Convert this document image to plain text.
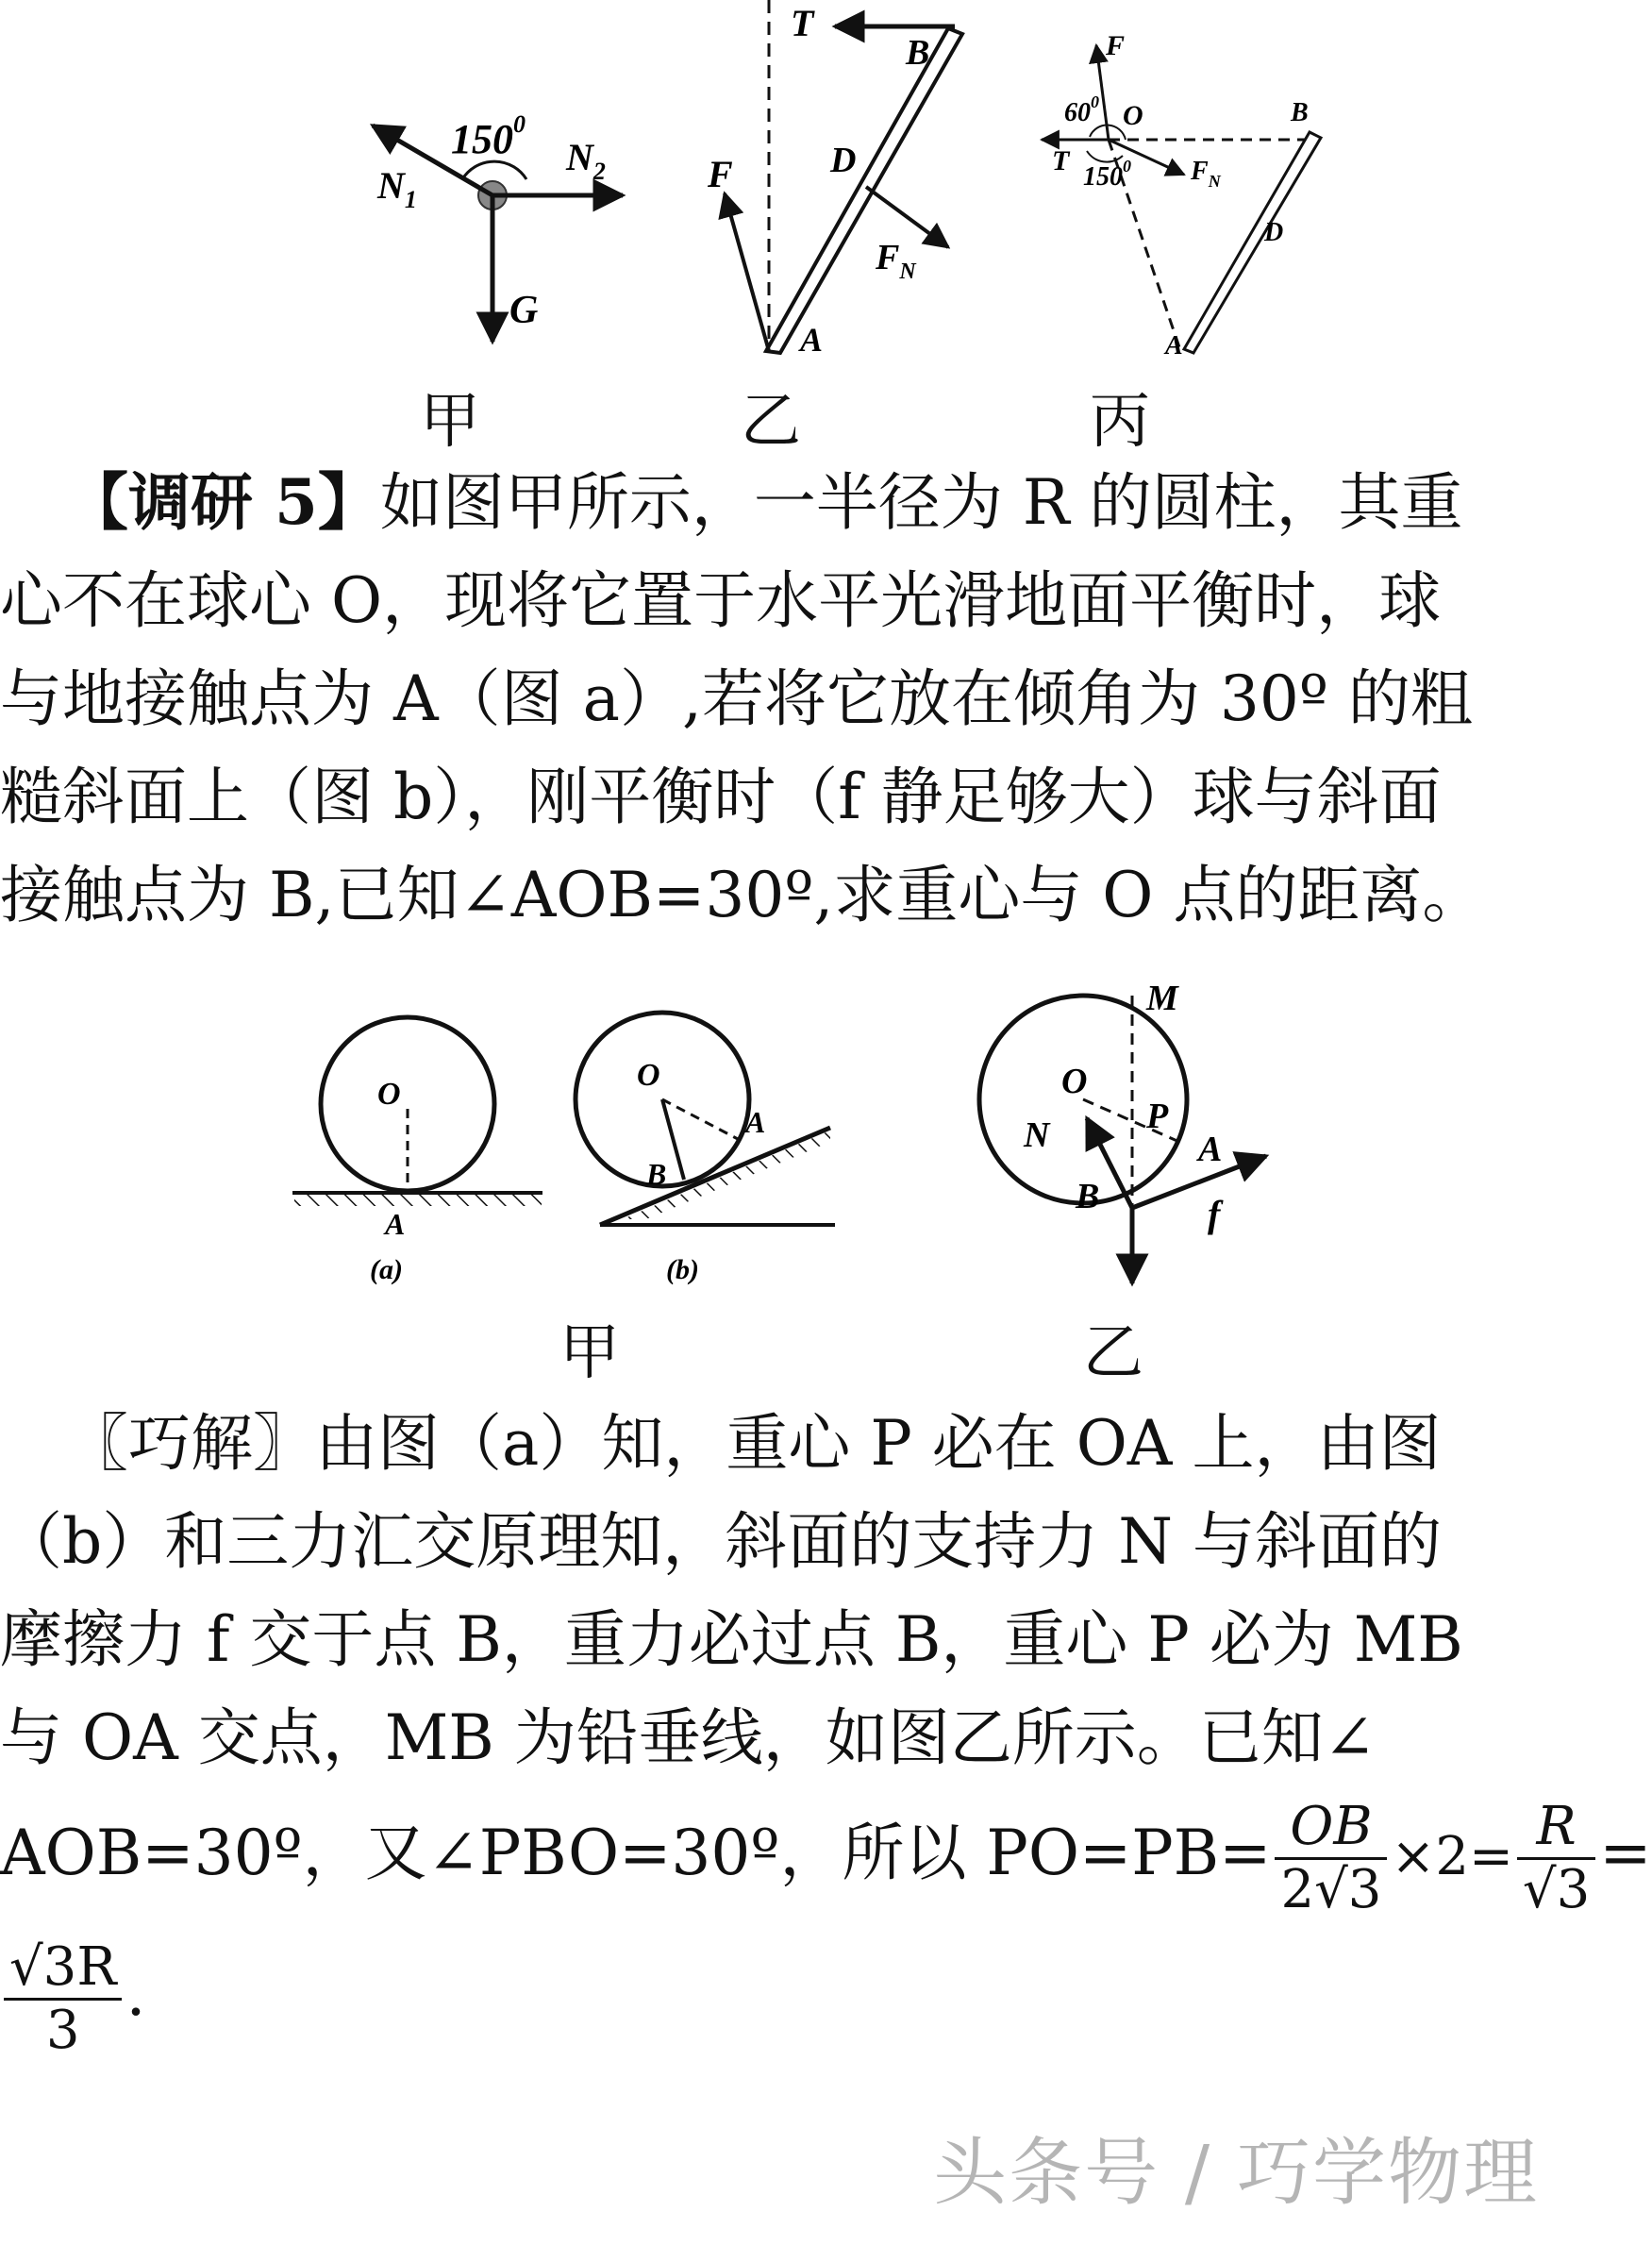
$150^0$
$N_1$
$N_2$
G
T
B
D
F
$F_N$
A
F
$60^0$ O	B
T
$150^0$ $F_N$
D
A
甲	乙	丙

【调研 5】如图甲所示，一半径为 R 的圆柱，其重

心不在球心 O，现将它置于水平光滑地面平衡时，球

与地接触点为 A（图 a）,若将它放在倾角为 30º 的粗

糙斜面上（图 b），刚平衡时（f 静足够大）球与斜面

接触点为 B,已知∠AOB=30º,求重心与 O 点的距离。

O
A
(a)
O
A
B
(b)
M
O
N	P
A
B	f
甲	乙

〖巧解〗由图（a）知，重心 P 必在 OA 上，由图

（b）和三力汇交原理知，斜面的支持力 N 与斜面的

摩擦力 f 交于点 B，重力必过点 B，重心 P 必为 MB

与 OA 交点，MB 为铅垂线，如图乙所示。已知∠

AOB=30º，又∠PBO=30º，所以 $PO=PB= \frac{OB}{2√3} \times 2= \frac{R}{√3}$ =

$\frac{√3R}{3}$ .

头条号 / 巧学物理
